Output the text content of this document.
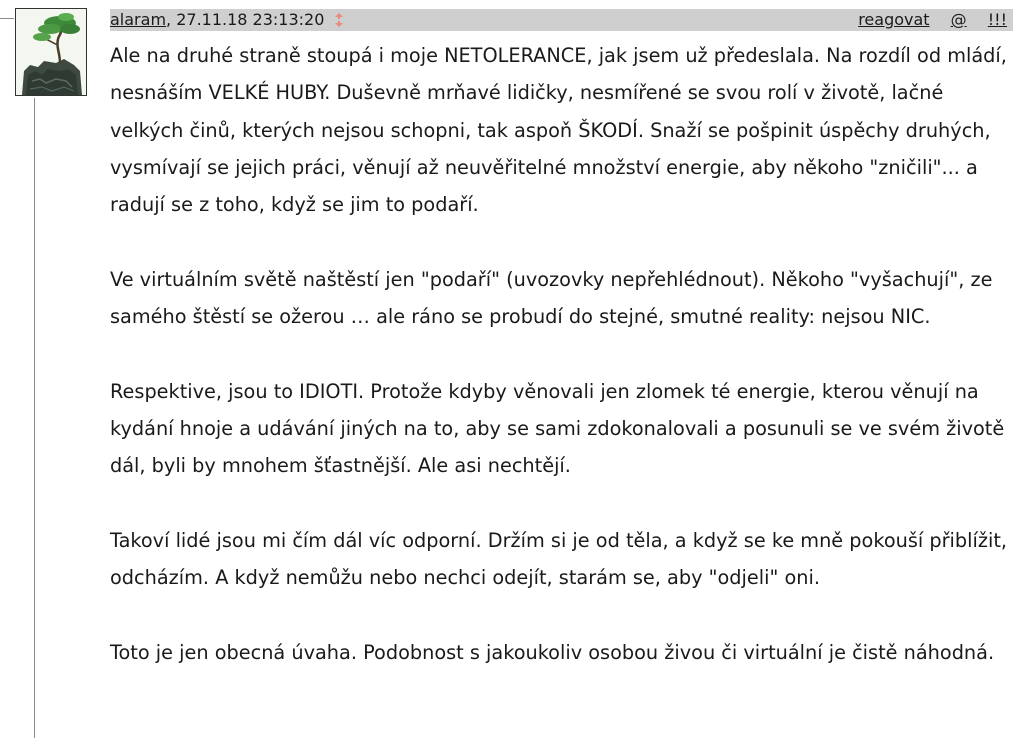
alaram, 27.11.18 23:13:20	reagovat @ !!!

Ale na druhé straně stoupá i moje NETOLERANCE, jak jsem už předeslala. Na rozdíl od mládí, nesnáším VELKÉ HUBY. Duševně mrňavé lidičky, nesmířené se svou rolí v životě, lačné velkých činů, kterých nejsou schopni, tak aspoň ŠKODÍ. Snaží se pošpinit úspěchy druhých, vysmívají se jejich práci, věnují až neuvěřitelné množství energie, aby někoho "zničili"... a radují se z toho, když se jim to podaří.

Ve virtuálním světě naštěstí jen "podaří" (uvozovky nepřehlédnout). Někoho "vyšachují", ze samého štěstí se ožerou … ale ráno se probudí do stejné, smutné reality: nejsou NIC.

Respektive, jsou to IDIOTI. Protože kdyby věnovali jen zlomek té energie, kterou věnují na kydání hnoje a udávání jiných na to, aby se sami zdokonalovali a posunuli se ve svém životě dál, byli by mnohem šťastnější. Ale asi nechtějí.

Takoví lidé jsou mi čím dál víc odporní. Držím si je od těla, a když se ke mně pokouší přiblížit, odcházím. A když nemůžu nebo nechci odejít, starám se, aby "odjeli" oni.

Toto je jen obecná úvaha. Podobnost s jakoukoliv osobou živou či virtuální je čistě náhodná.
